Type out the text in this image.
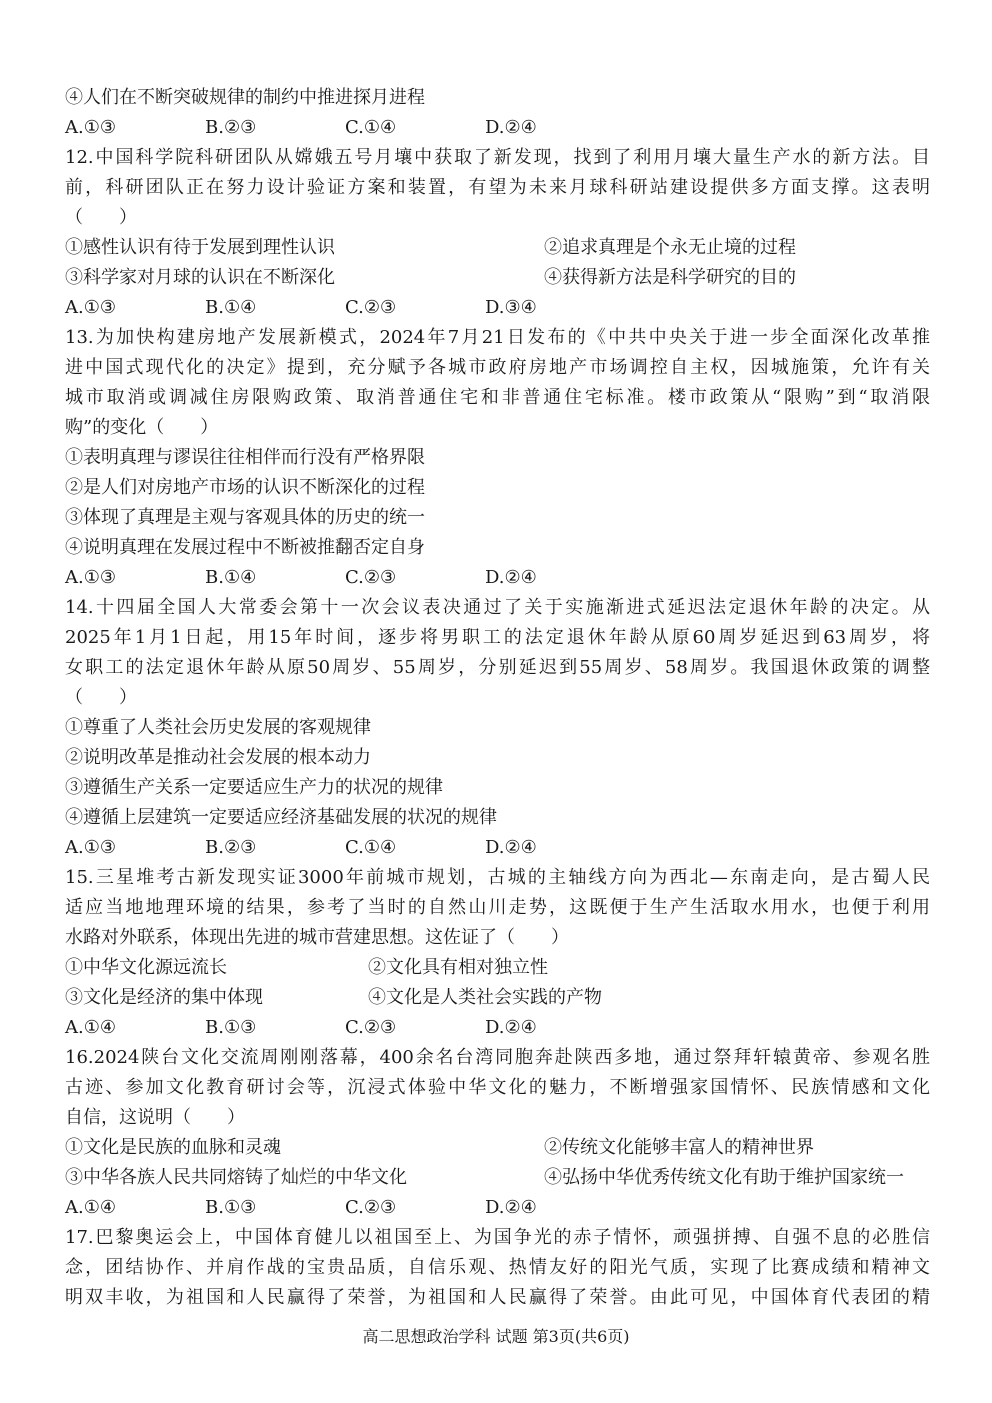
④人们在不断突破规律的制约中推进探月进程
A.①③	B.②③	C.①④	D.②④
12.中国科学院科研团队从嫦娥五号月壤中获取了新发现，找到了利用月壤大量生产水的新方法。目
前，科研团队正在努力设计验证方案和装置，有望为未来月球科研站建设提供多方面支撑。这表明
（　　）
①感性认识有待于发展到理性认识	②追求真理是个永无止境的过程
③科学家对月球的认识在不断深化	④获得新方法是科学研究的目的
A.①③	B.①④	C.②③	D.③④
13.为加快构建房地产发展新模式，2024年7月21日发布的《中共中央关于进一步全面深化改革推
进中国式现代化的决定》提到，充分赋予各城市政府房地产市场调控自主权，因城施策，允许有关
城市取消或调减住房限购政策、取消普通住宅和非普通住宅标准。楼市政策从“限购”到“取消限
购”的变化（　　）
①表明真理与谬误往往相伴而行没有严格界限
②是人们对房地产市场的认识不断深化的过程
③体现了真理是主观与客观具体的历史的统一
④说明真理在发展过程中不断被推翻否定自身
A.①③	B.①④	C.②③	D.②④
14.十四届全国人大常委会第十一次会议表决通过了关于实施渐进式延迟法定退休年龄的决定。从
2025年1月1日起，用15年时间，逐步将男职工的法定退休年龄从原60周岁延迟到63周岁，将
女职工的法定退休年龄从原50周岁、55周岁，分别延迟到55周岁、58周岁。我国退休政策的调整
（　　）
①尊重了人类社会历史发展的客观规律
②说明改革是推动社会发展的根本动力
③遵循生产关系一定要适应生产力的状况的规律
④遵循上层建筑一定要适应经济基础发展的状况的规律
A.①③	B.②③	C.①④	D.②④
15.三星堆考古新发现实证3000年前城市规划，古城的主轴线方向为西北—东南走向，是古蜀人民
适应当地地理环境的结果，参考了当时的自然山川走势，这既便于生产生活取水用水，也便于利用
水路对外联系，体现出先进的城市营建思想。这佐证了（　　）
①中华文化源远流长	②文化具有相对独立性
③文化是经济的集中体现	④文化是人类社会实践的产物
A.①④	B.①③	C.②③	D.②④
16.2024陕台文化交流周刚刚落幕，400余名台湾同胞奔赴陕西多地，通过祭拜轩辕黄帝、参观名胜
古迹、参加文化教育研讨会等，沉浸式体验中华文化的魅力，不断增强家国情怀、民族情感和文化
自信，这说明（　　）
①文化是民族的血脉和灵魂	②传统文化能够丰富人的精神世界
③中华各族人民共同熔铸了灿烂的中华文化	④弘扬中华优秀传统文化有助于维护国家统一
A.①④	B.①③	C.②③	D.②④
17.巴黎奥运会上，中国体育健儿以祖国至上、为国争光的赤子情怀，顽强拼搏、自强不息的必胜信
念，团结协作、并肩作战的宝贵品质，自信乐观、热情友好的阳光气质，实现了比赛成绩和精神文
明双丰收，为祖国和人民赢得了荣誉，为祖国和人民赢得了荣誉。由此可见，中国体育代表团的精
高二思想政治学科 试题 第3页(共6页)
